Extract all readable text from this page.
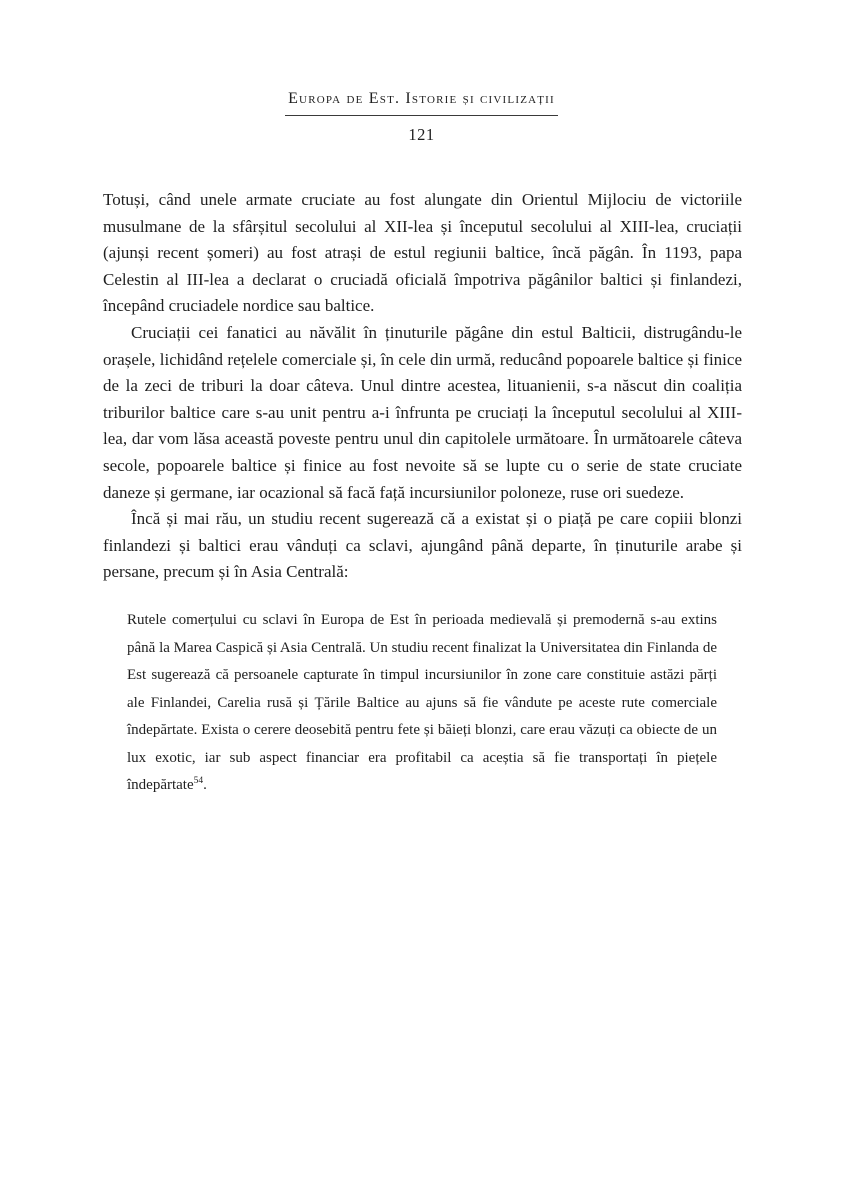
Europa de Est. Istorie și civilizații
121

Totuși, când unele armate cruciate au fost alungate din Orientul Mijlociu de victoriile musulmane de la sfârșitul secolului al XII-lea și începutul secolului al XIII-lea, cruciații (ajunși recent șomeri) au fost atrași de estul regiunii baltice, încă păgân. În 1193, papa Celestin al III-lea a declarat o cruciadă oficială împotriva păgânilor baltici și finlandezi, începând cruciadele nordice sau baltice.

Cruciații cei fanatici au năvălit în ținuturile păgâne din estul Balticii, distrugându-le orașele, lichidând rețelele comerciale și, în cele din urmă, reducând popoarele baltice și finice de la zeci de triburi la doar câteva. Unul dintre acestea, lituanienii, s-a născut din coaliția triburilor baltice care s-au unit pentru a-i înfrunta pe cruciați la începutul secolului al XIII-lea, dar vom lăsa această poveste pentru unul din capitolele următoare. În următoarele câteva secole, popoarele baltice și finice au fost nevoite să se lupte cu o serie de state cruciate daneze și germane, iar ocazional să facă față incursiunilor poloneze, ruse ori suedeze.

Încă și mai rău, un studiu recent sugerează că a existat și o piață pe care copiii blonzi finlandezi și baltici erau vânduți ca sclavi, ajungând până departe, în ținuturile arabe și persane, precum și în Asia Centrală:

Rutele comerțului cu sclavi în Europa de Est în perioada medievală și premodernă s-au extins până la Marea Caspică și Asia Centrală. Un studiu recent finalizat la Universitatea din Finlanda de Est sugerează că persoanele capturate în timpul incursiunilor în zone care constituie astăzi părți ale Finlandei, Carelia rusă și Țările Baltice au ajuns să fie vândute pe aceste rute comerciale îndepărtate. Exista o cerere deosebită pentru fete și băieți blonzi, care erau văzuți ca obiecte de un lux exotic, iar sub aspect financiar era profitabil ca aceștia să fie transportați în piețele îndepărtate$^{54}$.
